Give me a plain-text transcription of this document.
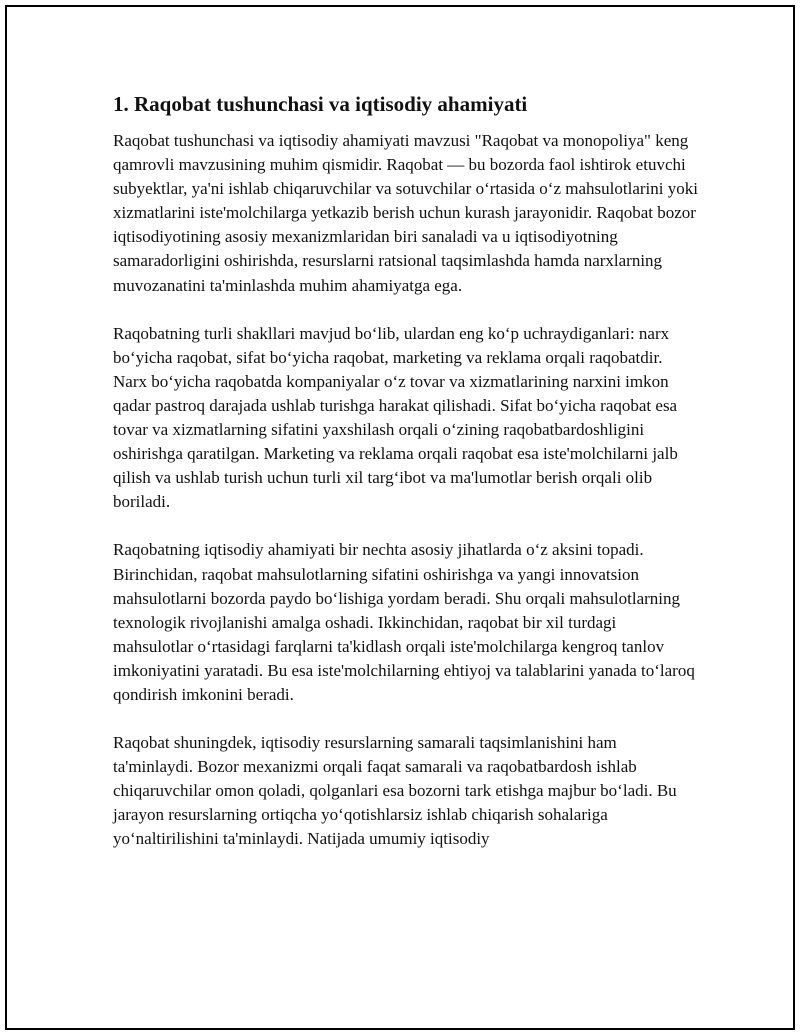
1. Raqobat tushunchasi va iqtisodiy ahamiyati

Raqobat tushunchasi va iqtisodiy ahamiyati mavzusi "Raqobat va monopoliya" keng qamrovli mavzusining muhim qismidir. Raqobat — bu bozorda faol ishtirok etuvchi subyektlar, ya'ni ishlab chiqaruvchilar va sotuvchilar oʻrtasida oʻz mahsulotlarini yoki xizmatlarini iste'molchilarga yetkazib berish uchun kurash jarayonidir. Raqobat bozor iqtisodiyotining asosiy mexanizmlaridan biri sanaladi va u iqtisodiyotning samaradorligini oshirishda, resurslarni ratsional taqsimlashda hamda narxlarning muvozanatini ta'minlashda muhim ahamiyatga ega.

Raqobatning turli shakllari mavjud boʻlib, ulardan eng koʻp uchraydiganlari: narx boʻyicha raqobat, sifat boʻyicha raqobat, marketing va reklama orqali raqobatdir. Narx boʻyicha raqobatda kompaniyalar oʻz tovar va xizmatlarining narxini imkon qadar pastroq darajada ushlab turishga harakat qilishadi. Sifat boʻyicha raqobat esa tovar va xizmatlarning sifatini yaxshilash orqali oʻzining raqobatbardoshligini oshirishga qaratilgan. Marketing va reklama orqali raqobat esa iste'molchilarni jalb qilish va ushlab turish uchun turli xil targʻibot va ma'lumotlar berish orqali olib boriladi.

Raqobatning iqtisodiy ahamiyati bir nechta asosiy jihatlarda oʻz aksini topadi. Birinchidan, raqobat mahsulotlarning sifatini oshirishga va yangi innovatsion mahsulotlarni bozorda paydo boʻlishiga yordam beradi. Shu orqali mahsulotlarning texnologik rivojlanishi amalga oshadi. Ikkinchidan, raqobat bir xil turdagi mahsulotlar oʻrtasidagi farqlarni ta'kidlash orqali iste'molchilarga kengroq tanlov imkoniyatini yaratadi. Bu esa iste'molchilarning ehtiyoj va talablarini yanada toʻlaroq qondirish imkonini beradi.

Raqobat shuningdek, iqtisodiy resurslarning samarali taqsimlanishini ham ta'minlaydi. Bozor mexanizmi orqali faqat samarali va raqobatbardosh ishlab chiqaruvchilar omon qoladi, qolganlari esa bozorni tark etishga majbur boʻladi. Bu jarayon resurslarning ortiqcha yoʻqotishlarsiz ishlab chiqarish sohalariga yoʻnaltirilishini ta'minlaydi. Natijada umumiy iqtisodiy
